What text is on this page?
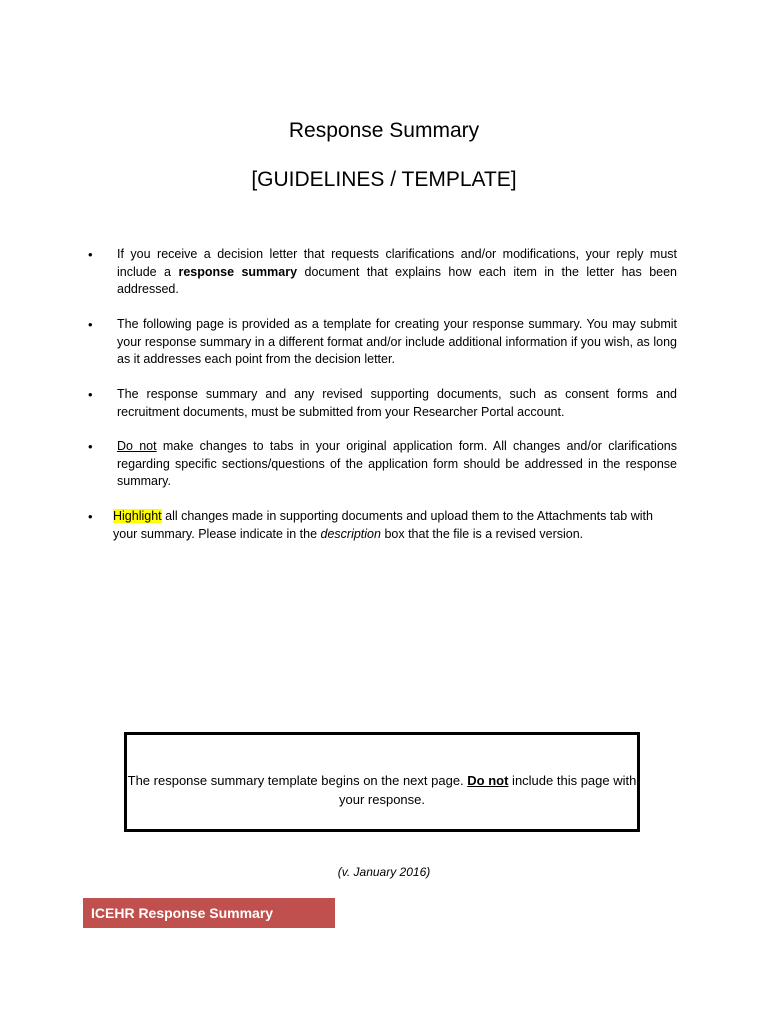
Response Summary
[GUIDELINES / TEMPLATE]
• If you receive a decision letter that requests clarifications and/or modifications, your reply must include a response summary document that explains how each item in the letter has been addressed.
• The following page is provided as a template for creating your response summary. You may submit your response summary in a different format and/or include additional information if you wish, as long as it addresses each point from the decision letter.
• The response summary and any revised supporting documents, such as consent forms and recruitment documents, must be submitted from your Researcher Portal account.
• Do not make changes to tabs in your original application form. All changes and/or clarifications regarding specific sections/questions of the application form should be addressed in the response summary.
• Highlight all changes made in supporting documents and upload them to the Attachments tab with your summary. Please indicate in the description box that the file is a revised version.
The response summary template begins on the next page. Do not include this page with your response.
(v. January 2016)
ICEHR Response Summary
